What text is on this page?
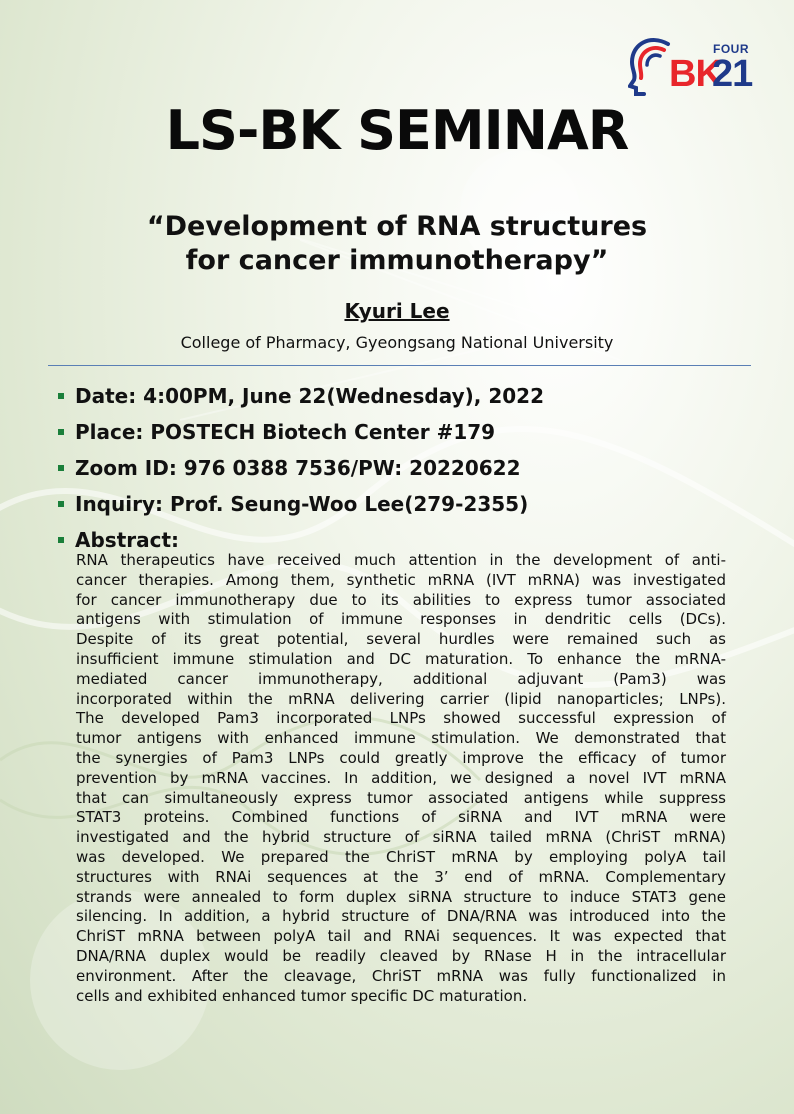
FOUR
BK
21
LS-BK SEMINAR
“Development of RNA structures
for cancer immunotherapy”
Kyuri Lee
College of Pharmacy, Gyeongsang National University
Date: 4:00PM, June 22(Wednesday), 2022
Place: POSTECH Biotech Center #179
Zoom ID: 976 0388 7536/PW: 20220622
Inquiry: Prof. Seung-Woo Lee(279-2355)
Abstract:
RNA therapeutics have received much attention in the development of anti-
cancer therapies. Among them, synthetic mRNA (IVT mRNA) was investigated
for cancer immunotherapy due to its abilities to express tumor associated
antigens with stimulation of immune responses in dendritic cells (DCs).
Despite of its great potential, several hurdles were remained such as
insufficient immune stimulation and DC maturation. To enhance the mRNA-
mediated cancer immunotherapy, additional adjuvant (Pam3) was
incorporated within the mRNA delivering carrier (lipid nanoparticles; LNPs).
The developed Pam3 incorporated LNPs showed successful expression of
tumor antigens with enhanced immune stimulation. We demonstrated that
the synergies of Pam3 LNPs could greatly improve the efficacy of tumor
prevention by mRNA vaccines. In addition, we designed a novel IVT mRNA
that can simultaneously express tumor associated antigens while suppress
STAT3 proteins. Combined functions of siRNA and IVT mRNA were
investigated and the hybrid structure of siRNA tailed mRNA (ChriST mRNA)
was developed. We prepared the ChriST mRNA by employing polyA tail
structures with RNAi sequences at the 3’ end of mRNA. Complementary
strands were annealed to form duplex siRNA structure to induce STAT3 gene
silencing. In addition, a hybrid structure of DNA/RNA was introduced into the
ChriST mRNA between polyA tail and RNAi sequences. It was expected that
DNA/RNA duplex would be readily cleaved by RNase H in the intracellular
environment. After the cleavage, ChriST mRNA was fully functionalized in
cells and exhibited enhanced tumor specific DC maturation.
